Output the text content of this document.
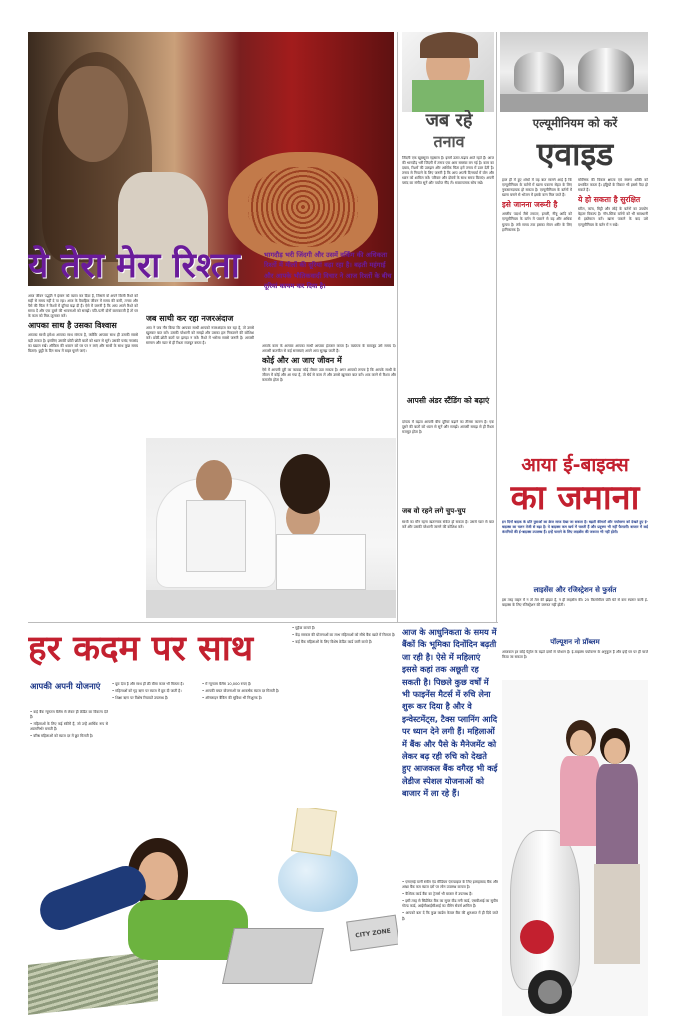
ये तेरा मेरा रिश्ता	भागदौड़ भरी जिंदगी और उसमें वर्किंग की अधिकता रिश्तों में मीलों की दूरियां बढ़ा रहा है। बढ़ती महंगाई और आपके भौतिकवादी विचार ने आज रिश्तों के बीच दूरियां कायम कर दिया है।

आज जीवन पद्धति ने इंसान को व्यस्त कर दिया है, जिससे वो अपने किसी रिश्ते को सही से समय नहीं दे पा रहा। आज के वैवाहिक जीवन में समय की कमी, तनाव और पैसे की चिंता ने रिश्तों में दूरियां बढ़ा दी हैं। ऐसे में जरूरी है कि आप अपने रिश्ते को समय दें और एक दूसरे की भावनाओं को समझें। पति-पत्नी दोनों कामकाजी हैं तो घर के काम को मिल-जुलकर करें।

आपका साथ है उसका विश्वास

आपका साथी हमेशा आपका साथ मांगता है, क्योंकि आपका साथ ही उसकी सबसे बड़ी ताकत है। इसलिए उसकी छोटी छोटी बातों को ध्यान से सुनें। उसकी पसंद नापसंद का ख्याल रखें। ऑफिस की थकान को घर पर न लाएं और साथी के साथ कुछ समय बिताएं। छुट्टी के दिन साथ में बाहर घूमने जाएं।

जब साथी कर रहा नजरअंदाज

आप ने जब गौर किया कि आपका साथी आपको नजरअंदाज कर रहा है, तो उससे खुलकर बात करें। उसकी परेशानी को समझें और उसका हल निकालने की कोशिश करें। छोटी-छोटी बातों पर झगड़ा न करें। रिश्ते में भरोसा सबसे जरूरी है। आपसी सम्मान और प्यार से ही रिश्ता मजबूत बनता है।

आपके काम के अलावा आपका साथी आपका इंतजार करता है। व्यस्तता के बावजूद उसे समय दें। आपसी बातचीत से कई समस्याएं अपने आप सुलझ जाती हैं।

कोई और आ जाए जीवन में

ऐसे में आपसी दूरी का फायदा कोई तीसरा उठा सकता है। अगर आपको लगता है कि आपके साथी के जीवन में कोई और आ गया है, तो धैर्य से काम लें और उससे खुलकर बात करें। शक करने से रिश्ता और कमजोर होता है।

जब रहे
तनाव

जिंदगी एक खूबसूरत एहसास है। इसमें उतार-चढ़ाव आते रहते हैं। आज की भागदौड़ भरी जिंदगी में तनाव एक आम समस्या बन गई है। काम का दबाव, रिश्तों की उलझन और आर्थिक चिंता हमें तनाव में डाल देती है। तनाव से निपटने के लिए जरूरी है कि आप अपनी दिनचर्या में योग और ध्यान को शामिल करें। परिवार और दोस्तों के साथ समय बिताएं। अपनी पसंद का संगीत सुनें और पर्याप्त नींद लें। सकारात्मक सोच रखें।

आपसी अंडर स्टैंडिंग को बढ़ाएं

दांपत्य में बढ़ता आपसी बीच दूरियां बढ़ाने का तीसरा कारण है। एक दूसरे की बातों को ध्यान से सुनें और समझें। आपसी समझ से ही रिश्ता मजबूत होता है।

जब वो रहने लगे चुप-चुप

साथी का मौन रहना खतरनाक संकेत हो सकता है। उससे प्यार से बात करें और उसकी परेशानी जानने की कोशिश करें।

एल्यूमीनियम को करें
एवाइड

हाल ही में हुए शोधों में यह बात सामने आई है कि एल्यूमीनियम के बर्तनों में खाना पकाना सेहत के लिए नुकसानदायक हो सकता है। एल्यूमीनियम के बर्तनों में खाना बनाने से भोजन में इसके कण मिल जाते हैं।

इसे जानना जरूरी है

अम्लीय पदार्थ जैसे टमाटर, इमली, नींबू आदि को एल्यूमीनियम के बर्तन में पकाने से यह और अधिक घुलता है। लंबे समय तक इसका सेवन शरीर के लिए हानिकारक है।

मस्तिष्क की विकार क्षमता एवं स्मरण शक्ति को प्रभावित करता है। हड्डियों के विकार भी इससे पैदा हो सकते हैं।

ये हो सकता है सुरक्षित

स्टील, कांच, मिट्टी और लोहे के बर्तनों का उपयोग बेहतर विकल्प है। नॉन-स्टिक बर्तनों को भी सावधानी से इस्तेमाल करें। खाना पकाने के बाद उसे एल्यूमीनियम के बर्तन में न रखें।

आया ई-बाइक्स
का जमाना

इन दिनों बाइक के प्रति युवाओं का क्रेज साफ देखा जा सकता है। बढ़ती कीमतों और पर्यावरण को देखते हुए ई-बाइक्स का चलन तेजी से बढ़ा है। ये बाइक्स कम खर्च में चलती हैं और प्रदूषण भी नहीं फैलातीं। बाजार में कई कंपनियों की ई-बाइक्स उपलब्ध हैं। इन्हें चलाने के लिए लाइसेंस की जरूरत भी नहीं होती।

लाइसेंस और रजिस्ट्रेशन से फुर्सत

इस तरह वाहन में न तो तेल की झंझट है, न ही लाइसेंस की। 25 किलोमीटर प्रति घंटे से कम रफ्तार वाली ई-बाइक्स के लिए रजिस्ट्रेशन की जरूरत नहीं होती।

पॉल्यूशन नो प्रॉब्लम

आजकल हर कोई पेट्रोल के बढ़ते दामों से परेशान है। ई-बाइक्स पर्यावरण के अनुकूल हैं और इन्हें घर पर ही चार्ज किया जा सकता है।

हर कदम पर साथ
आपकी अपनी योजनाएं

• कई बैंक न्यूनतम बैलेंस से लेकर ही क्रेडिट का विकल्प देते हैं।

• महिलाओं के लिए कई स्कीमें हैं, जो उन्हें आर्थिक रूप से आत्मनिर्भर बनाती हैं।

• वरिष्ठ महिलाओं को ब्याज दर में छूट मिलती है।

• छूट देता है और साथ ही फ्री बीमा कवर भी मिलता है।

• महिलाओं को गृह ऋण पर ब्याज में छूट दी जाती है।

• शिक्षा ऋण पर विशेष रियायतें उपलब्ध हैं।

• में न्यूनतम बैलेंस 10,000 रुपए है।

• आपकी बचत योजनाओं पर आकर्षक ब्याज दर मिलती है।

• ऑनलाइन बैंकिंग की सुविधा भी निःशुल्क है।

• मुहैया कराते हैं।

• केंद्र सरकार की योजनाओं का लाभ महिलाओं को सीधे बैंक खाते में मिलता है।

• कई बैंक महिलाओं के लिए विशेष क्रेडिट कार्ड जारी करते हैं।

CITY ZONE
आज के आधुनिकता के समय में बैंकों कि भूमिका दिनोंदिन बढ़ती जा रही है। ऐसे में महिलाएं इससे कहां तक अछूती रह सकती है। पिछले कुछ वर्षों में भी फाइनेंस मैटर्स में रुचि लेना शुरू कर दिया है और वे इन्वेस्टमेंट्स, टैक्स प्लानिंग आदि पर ध्यान देने लगी हैं। महिलाओं में बैंक और पैसे के मैनेजमेंट को लेकर बढ़ रही रुचि को देखते हुए आजकल बैंक वगैरह भी कई लेडीज स्पेशल योजनाओं को बाजार में ला रहे हैं।

• एसएमई यानी स्मॉल एंड मीडियम एंटरप्राइज के लिए इलाहाबाद बैंक और आंध्रा बैंक कम ब्याज दरों पर लोन उपलब्ध कराता है।

• वैश्विक कार्ड बैंक का ट्रेजर्स भी बाजार में उपलब्ध हैं।

• इसी तरह से सिंडीकेट बैंक का सुपर वीड मनी कार्ड, एसबीआई का सुपीम गोल्ड कार्ड, आईसीआईसीआई का वीमेन सेवर्स शामिल हैं।

• आपको बता दें कि कुछ कार्डस केवल बैंक की शुरुआत में ही दिये जाते हैं।
